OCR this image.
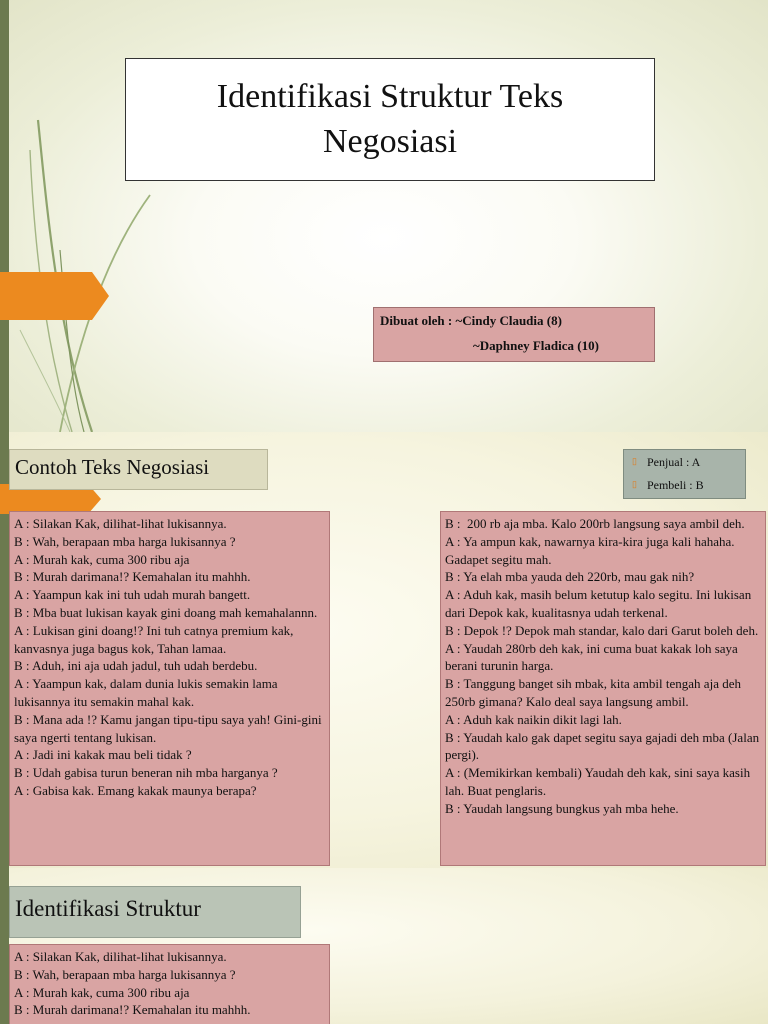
Identifikasi Struktur Teks
Negosiasi
Dibuat oleh : ~Cindy Claudia (8)
~Daphney Fladica (10)
Contoh Teks Negosiasi	▯ Penjual : A
▯ Pembeli : B
A : Silakan Kak, dilihat-lihat lukisannya.
B : Wah, berapaan mba harga lukisannya ?
A : Murah kak, cuma 300 ribu aja
B : Murah darimana!? Kemahalan itu mahhh.
A : Yaampun kak ini tuh udah murah bangett.
B : Mba buat lukisan kayak gini doang mah kemahalannn.
A : Lukisan gini doang!? Ini tuh catnya premium kak, kanvasnya juga bagus kok, Tahan lamaa.
B : Aduh, ini aja udah jadul, tuh udah berdebu.
A : Yaampun kak, dalam dunia lukis semakin lama lukisannya itu semakin mahal kak.
B : Mana ada !? Kamu jangan tipu-tipu saya yah! Gini-gini saya ngerti tentang lukisan.
A : Jadi ini kakak mau beli tidak ?
B : Udah gabisa turun beneran nih mba harganya ?
A : Gabisa kak. Emang kakak maunya berapa?
B :  200 rb aja mba. Kalo 200rb langsung saya ambil deh.
A : Ya ampun kak, nawarnya kira-kira juga kali hahaha. Gadapet segitu mah.
B : Ya elah mba yauda deh 220rb, mau gak nih?
A : Aduh kak, masih belum ketutup kalo segitu. Ini lukisan dari Depok kak, kualitasnya udah terkenal.
B : Depok !? Depok mah standar, kalo dari Garut boleh deh.
A : Yaudah 280rb deh kak, ini cuma buat kakak loh saya berani turunin harga.
B : Tanggung banget sih mbak, kita ambil tengah aja deh 250rb gimana? Kalo deal saya langsung ambil.
A : Aduh kak naikin dikit lagi lah.
B : Yaudah kalo gak dapet segitu saya gajadi deh mba (Jalan pergi).
A : (Memikirkan kembali) Yaudah deh kak, sini saya kasih lah. Buat penglaris.
B : Yaudah langsung bungkus yah mba hehe.
Identifikasi Struktur
A : Silakan Kak, dilihat-lihat lukisannya.
B : Wah, berapaan mba harga lukisannya ?
A : Murah kak, cuma 300 ribu aja
B : Murah darimana!? Kemahalan itu mahhh.
